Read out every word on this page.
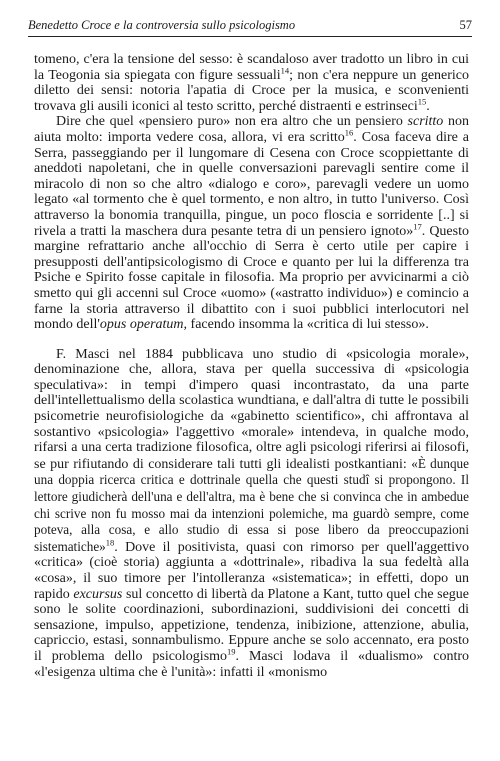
Benedetto Croce e la controversia sullo psicologismo	57

tomeno, c'era la tensione del sesso: è scandaloso aver tradotto un libro in cui la Teogonia sia spiegata con figure sessuali$^{14}$; non c'era neppure un generico diletto dei sensi: notoria l'apatia di Croce per la musica, e sconvenienti trovava gli ausili iconici al testo scritto, perché distraenti e estrinseci$^{15}$.

Dire che quel «pensiero puro» non era altro che un pensiero scritto non aiuta molto: importa vedere cosa, allora, vi era scritto$^{16}$. Cosa faceva dire a Serra, passeggiando per il lungomare di Cesena con Croce scoppiettante di aneddoti napoletani, che in quelle conversazioni parevagli sentire come il miracolo di non so che altro «dialogo e coro», parevagli vedere un uomo legato «al tormento che è quel tormento, e non altro, in tutto l'universo. Così attraverso la bonomia tranquilla, pingue, un poco floscia e sorridente [..] si rivela a tratti la maschera dura pesante tetra di un pensiero ignoto»$^{17}$. Questo margine refrattario anche all'occhio di Serra è certo utile per capire i presupposti dell'antipsicologismo di Croce e quanto per lui la differenza tra Psiche e Spirito fosse capitale in filosofia. Ma proprio per avvicinarmi a ciò smetto qui gli accenni sul Croce «uomo» («astratto individuo») e comincio a farne la storia attraverso il dibattito con i suoi pubblici interlocutori nel mondo dell'opus operatum, facendo insomma la «critica di lui stesso».

F. Masci nel 1884 pubblicava uno studio di «psicologia morale», denominazione che, allora, stava per quella successiva di «psicologia speculativa»: in tempi d'impero quasi incontrastato, da una parte dell'intellettualismo della scolastica wundtiana, e dall'altra di tutte le possibili psicometrie neurofisiologiche da «gabinetto scientifico», chi affrontava al sostantivo «psicologia» l'aggettivo «morale» intendeva, in qualche modo, rifarsi a una certa tradizione filosofica, oltre agli psicologi riferirsi ai filosofi, se pur rifiutando di considerare tali tutti gli idealisti postkantiani: «È dunque una doppia ricerca critica e dottrinale quella che questi studî si propongono. Il lettore giudicherà dell'una e dell'altra, ma è bene che si convinca che in ambedue chi scrive non fu mosso mai da intenzioni polemiche, ma guardò sempre, come poteva, alla cosa, e allo studio di essa si pose libero da preoccupazioni sistematiche»$^{18}$. Dove il positivista, quasi con rimorso per quell'aggettivo «critica» (cioè storia) aggiunta a «dottrinale», ribadiva la sua fedeltà alla «cosa», il suo timore per l'intolleranza «sistematica»; in effetti, dopo un rapido excursus sul concetto di libertà da Platone a Kant, tutto quel che segue sono le solite coordinazioni, subordinazioni, suddivisioni dei concetti di sensazione, impulso, appetizione, tendenza, inibizione, attenzione, abulia, capriccio, estasi, sonnambulismo. Eppure anche se solo accennato, era posto il problema dello psicologismo$^{19}$. Masci lodava il «dualismo» contro «l'esigenza ultima che è l'unità»: infatti il «monismo
